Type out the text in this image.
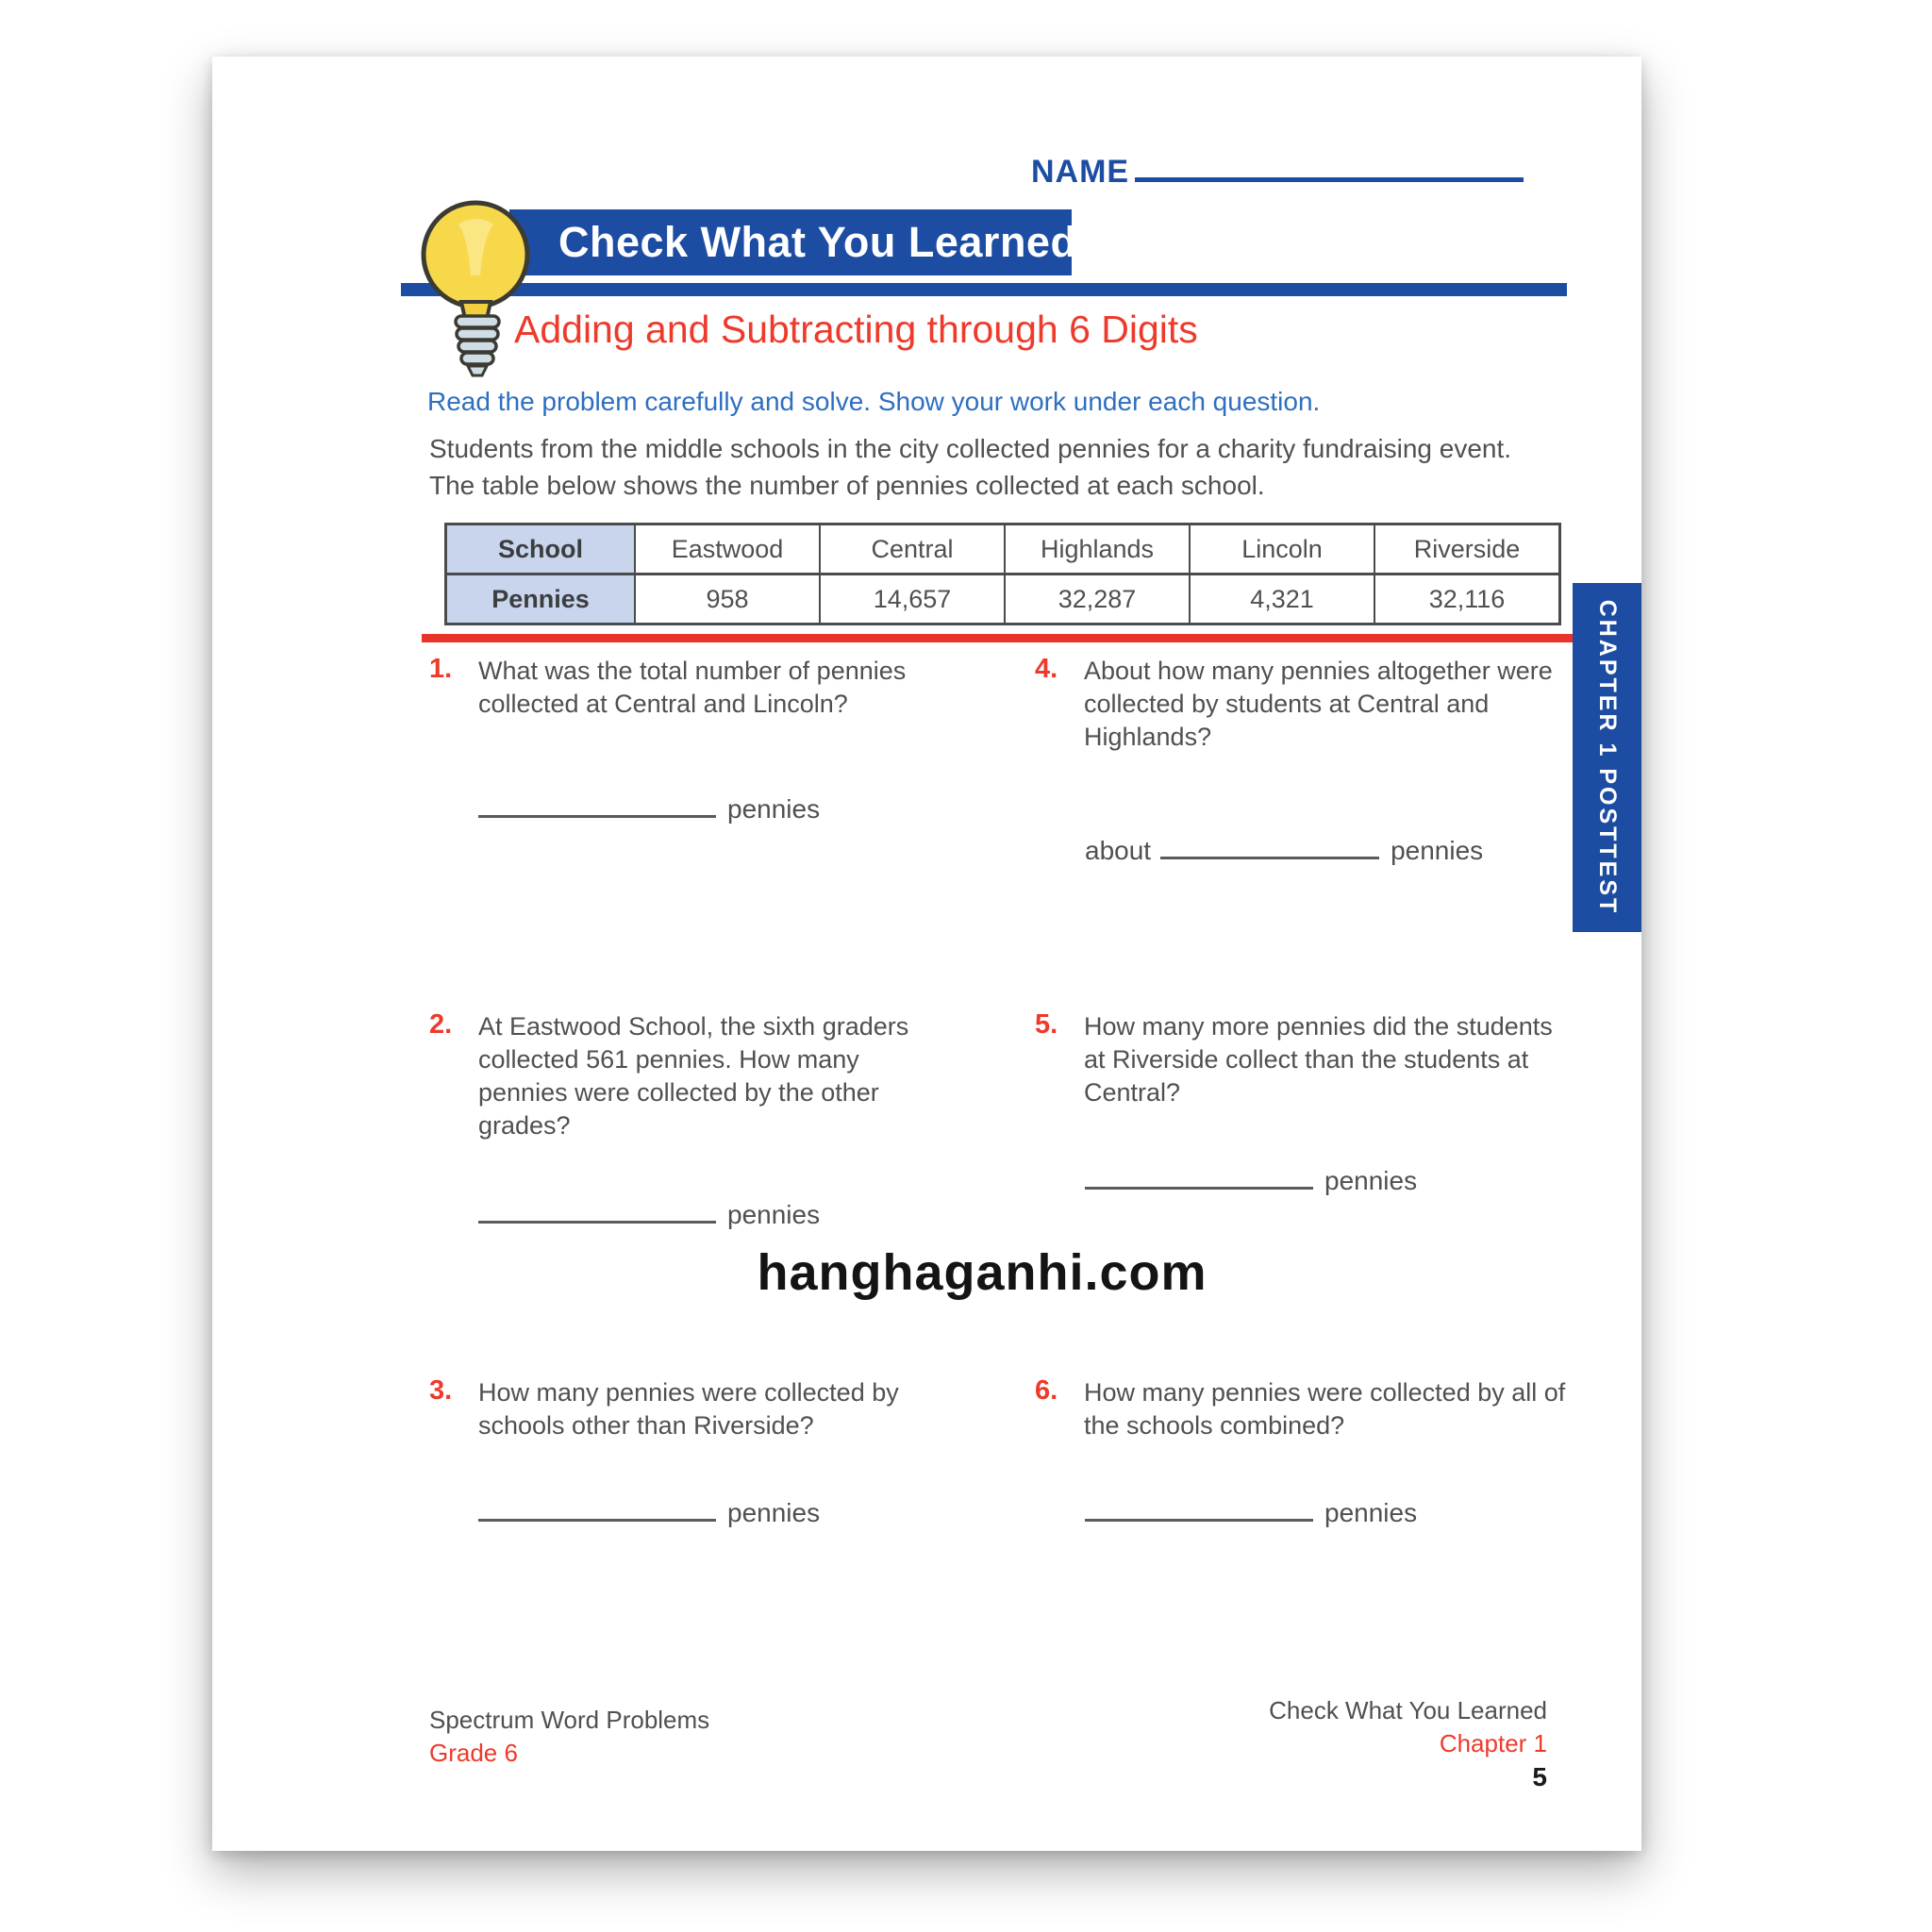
NAME
Check What You Learned
Adding and Subtracting through 6 Digits
Read the problem carefully and solve. Show your work under each question.
Students from the middle schools in the city collected pennies for a charity fundraising event.
The table below shows the number of pennies collected at each school.
School	Eastwood	Central	Highlands	Lincoln	Riverside
Pennies	958	14,657	32,287	4,321	32,116
1. What was the total number of pennies collected at Central and Lincoln?
pennies
2. At Eastwood School, the sixth graders collected 561 pennies. How many pennies were collected by the other grades?
pennies
3. How many pennies were collected by schools other than Riverside?
pennies
4. About how many pennies altogether were collected by students at Central and Highlands?
about	pennies
5. How many more pennies did the students at Riverside collect than the students at Central?
pennies
6. How many pennies were collected by all of the schools combined?
pennies
CHAPTER 1 POSTTEST
hanghaganhi.com
Spectrum Word Problems
Grade 6
Check What You Learned
Chapter 1
5
